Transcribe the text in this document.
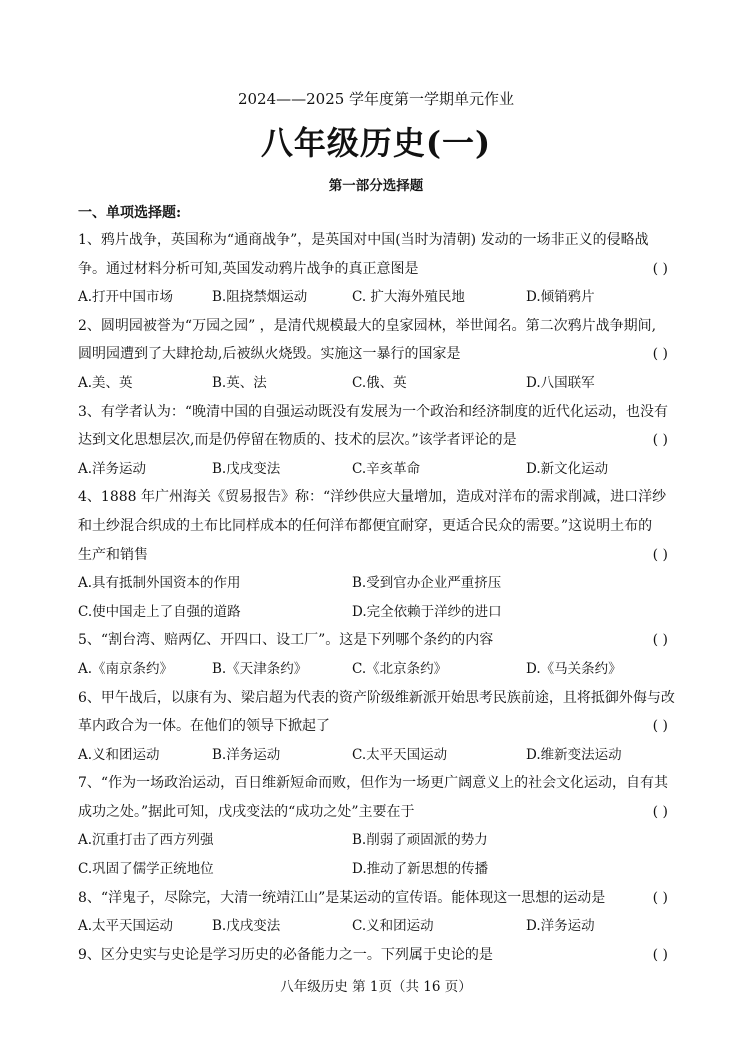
2024——2025 学年度第一学期单元作业
八年级历史(一)
第一部分选择题
一、单项选择题:
1、鸦片战争，英国称为“通商战争”，是英国对中国(当时为清朝) 发动的一场非正义的侵略战
争。通过材料分析可知,英国发动鸦片战争的真正意图是	( )
A.打开中国市场	B.阻挠禁烟运动	C. 扩大海外殖民地	D.倾销鸦片
2、圆明园被誉为“万园之园” ，是清代规模最大的皇家园林，举世闻名。第二次鸦片战争期间,
圆明园遭到了大肆抢劫,后被纵火烧毁。实施这一暴行的国家是	( )
A.美、英	B.英、法	C.俄、英	D.八国联军
3、有学者认为：“晚清中国的自强运动既没有发展为一个政治和经济制度的近代化运动，也没有
达到文化思想层次,而是仍停留在物质的、技术的层次。”该学者评论的是	( )
A.洋务运动	B.戊戌变法	C.辛亥革命	D.新文化运动
4、1888 年广州海关《贸易报告》称：“洋纱供应大量增加，造成对洋布的需求削减，进口洋纱
和土纱混合织成的土布比同样成本的任何洋布都便宜耐穿，更适合民众的需要。”这说明土布的
生产和销售	( )
A.具有抵制外国资本的作用	B.受到官办企业严重挤压
C.使中国走上了自强的道路	D.完全依赖于洋纱的进口
5、“割台湾、赔两亿、开四口、设工厂”。这是下列哪个条约的内容	( )
A.《南京条约》	B.《天津条约》	C.《北京条约》	D.《马关条约》
6、甲午战后，以康有为、梁启超为代表的资产阶级维新派开始思考民族前途，且将抵御外侮与改
革内政合为一体。在他们的领导下掀起了	( )
A.义和团运动	B.洋务运动	C.太平天国运动	D.维新变法运动
7、“作为一场政治运动，百日维新短命而败，但作为一场更广阔意义上的社会文化运动，自有其
成功之处。”据此可知，戊戌变法的“成功之处”主要在于	( )
A.沉重打击了西方列强	B.削弱了顽固派的势力
C.巩固了儒学正统地位	D.推动了新思想的传播
8、“洋鬼子，尽除完，大清一统靖江山”是某运动的宣传语。能体现这一思想的运动是	( )
A.太平天国运动	B.戊戌变法	C.义和团运动	D.洋务运动
9、区分史实与史论是学习历史的必备能力之一。下列属于史论的是	( )
八年级历史 第 1页（共 16 页）
